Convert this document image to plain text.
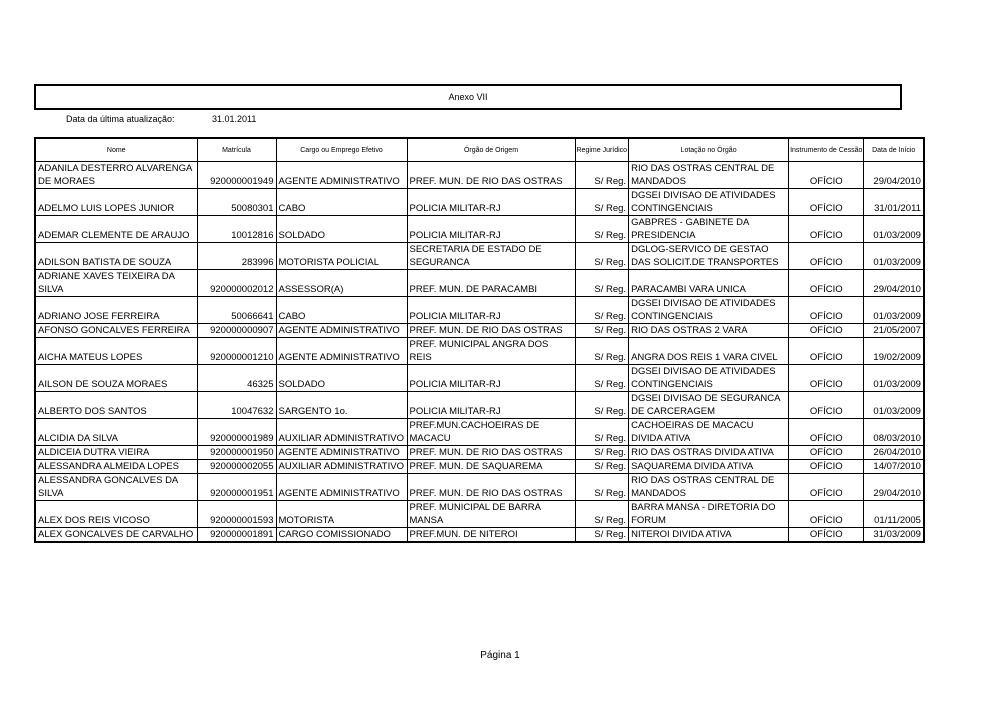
Anexo VII
Data da última atualização:	31.01.2011
Nome	Matrícula	Cargo ou Emprego Efetivo	Órgão de Origem	Regime Jurídico	Lotação no Órgão	Instrumento de Cessão	Data de Início
ADANILA DESTERRO ALVARENGA DE MORAES	920000001949	AGENTE ADMINISTRATIVO	PREF. MUN. DE RIO DAS OSTRAS	S/ Reg.	RIO DAS OSTRAS CENTRAL DE MANDADOS	OFÍCIO	29/04/2010
ADELMO LUIS LOPES JUNIOR	50080301	CABO	POLICIA MILITAR-RJ	S/ Reg.	DGSEI DIVISAO DE ATIVIDADES CONTINGENCIAIS	OFÍCIO	31/01/2011
ADEMAR CLEMENTE DE ARAUJO	10012816	SOLDADO	POLICIA MILITAR-RJ	S/ Reg.	GABPRES - GABINETE DA PRESIDENCIA	OFÍCIO	01/03/2009
ADILSON BATISTA DE SOUZA	283996	MOTORISTA POLICIAL	SECRETARIA DE ESTADO DE SEGURANCA	S/ Reg.	DGLOG-SERVICO DE GESTAO DAS SOLICIT.DE TRANSPORTES	OFÍCIO	01/03/2009
ADRIANE XAVES TEIXEIRA DA SILVA	920000002012	ASSESSOR(A)	PREF. MUN. DE PARACAMBI	S/ Reg.	PARACAMBI VARA UNICA	OFÍCIO	29/04/2010
ADRIANO JOSE FERREIRA	50066641	CABO	POLICIA MILITAR-RJ	S/ Reg.	DGSEI DIVISAO DE ATIVIDADES CONTINGENCIAIS	OFÍCIO	01/03/2009
AFONSO GONCALVES FERREIRA	920000000907	AGENTE ADMINISTRATIVO	PREF. MUN. DE RIO DAS OSTRAS	S/ Reg.	RIO DAS OSTRAS 2 VARA	OFÍCIO	21/05/2007
AICHA MATEUS LOPES	920000001210	AGENTE ADMINISTRATIVO	PREF. MUNICIPAL ANGRA DOS REIS	S/ Reg.	ANGRA DOS REIS 1 VARA CIVEL	OFÍCIO	19/02/2009
AILSON DE SOUZA MORAES	46325	SOLDADO	POLICIA MILITAR-RJ	S/ Reg.	DGSEI DIVISAO DE ATIVIDADES CONTINGENCIAIS	OFÍCIO	01/03/2009
ALBERTO DOS SANTOS	10047632	SARGENTO 1o.	POLICIA MILITAR-RJ	S/ Reg.	DGSEI DIVISAO DE SEGURANCA DE CARCERAGEM	OFÍCIO	01/03/2009
ALCIDIA DA SILVA	920000001989	AUXILIAR ADMINISTRATIVO	PREF.MUN.CACHOEIRAS DE MACACU	S/ Reg.	CACHOEIRAS DE MACACU DIVIDA ATIVA	OFÍCIO	08/03/2010
ALDICEIA DUTRA VIEIRA	920000001950	AGENTE ADMINISTRATIVO	PREF. MUN. DE RIO DAS OSTRAS	S/ Reg.	RIO DAS OSTRAS DIVIDA ATIVA	OFÍCIO	26/04/2010
ALESSANDRA ALMEIDA LOPES	920000002055	AUXILIAR ADMINISTRATIVO	PREF. MUN. DE SAQUAREMA	S/ Reg.	SAQUAREMA DIVIDA ATIVA	OFÍCIO	14/07/2010
ALESSANDRA GONCALVES DA SILVA	920000001951	AGENTE ADMINISTRATIVO	PREF. MUN. DE RIO DAS OSTRAS	S/ Reg.	RIO DAS OSTRAS CENTRAL DE MANDADOS	OFÍCIO	29/04/2010
ALEX DOS REIS VICOSO	920000001593	MOTORISTA	PREF. MUNICIPAL DE BARRA MANSA	S/ Reg.	BARRA MANSA - DIRETORIA DO FORUM	OFÍCIO	01/11/2005
ALEX GONCALVES DE CARVALHO	920000001891	CARGO COMISSIONADO	PREF.MUN. DE NITEROI	S/ Reg.	NITEROI DIVIDA ATIVA	OFÍCIO	31/03/2009
Página 1
